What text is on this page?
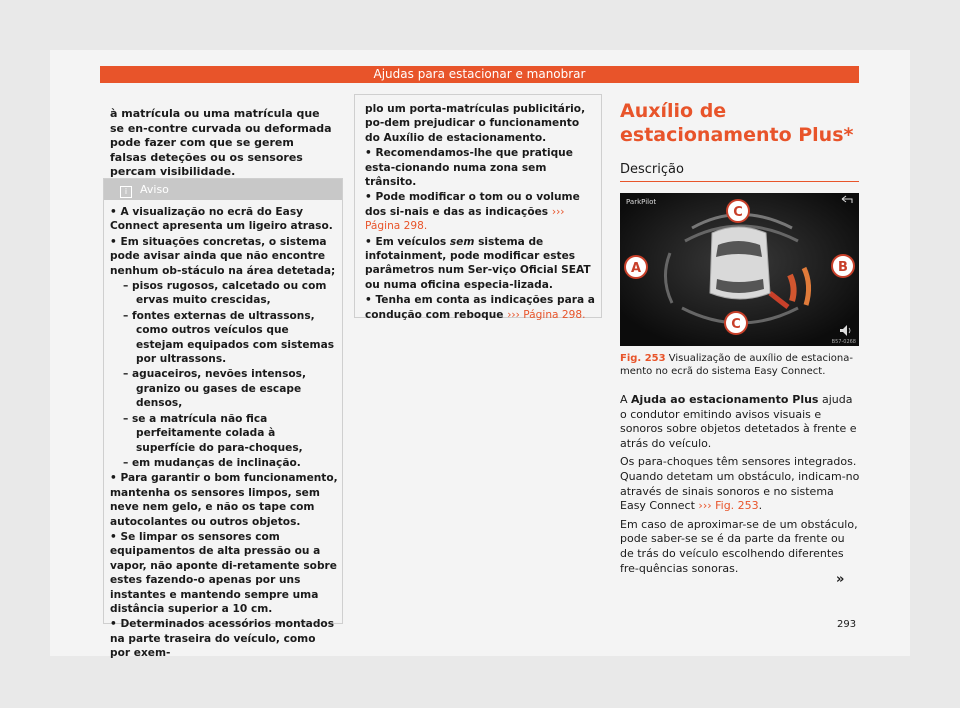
Ajudas para estacionar e manobrar

à matrícula ou uma matrícula que se en-contre curvada ou deformada pode fazer com que se gerem falsas deteções ou os sensores percam visibilidade.

i Aviso

• A visualização no ecrã do Easy Connect apresenta um ligeiro atraso.

• Em situações concretas, o sistema pode avisar ainda que não encontre nenhum ob-stáculo na área detetada;

– pisos rugosos, calcetado ou com ervas muito crescidas,

– fontes externas de ultrassons, como outros veículos que estejam equipados com sistemas por ultrassons.

– aguaceiros, nevões intensos, granizo ou gases de escape densos,

– se a matrícula não fica perfeitamente colada à superfície do para-choques,

– em mudanças de inclinação.

• Para garantir o bom funcionamento, mantenha os sensores limpos, sem neve nem gelo, e não os tape com autocolantes ou outros objetos.

• Se limpar os sensores com equipamentos de alta pressão ou a vapor, não aponte di-retamente sobre estes fazendo-o apenas por uns instantes e mantendo sempre uma distância superior a 10 cm.

• Determinados acessórios montados na parte traseira do veículo, como por exem-

plo um porta-matrículas publicitário, po-dem prejudicar o funcionamento do Auxílio de estacionamento.

• Recomendamos-lhe que pratique esta-cionando numa zona sem trânsito.

• Pode modificar o tom ou o volume dos si-nais e das as indicações ››› Página 298.

• Em veículos sem sistema de infotainment, pode modificar estes parâmetros num Ser-viço Oficial SEAT ou numa oficina especia-lizada.

• Tenha em conta as indicações para a condução com reboque ››› Página 298.

Auxílio de estacionamento Plus*
Descrição
ParkPilot
C
A	B
C
B57-0268
Fig. 253 Visualização de auxílio de estaciona-mento no ecrã do sistema Easy Connect.

A Ajuda ao estacionamento Plus ajuda o condutor emitindo avisos visuais e sonoros sobre objetos detetados à frente e atrás do veículo.

Os para-choques têm sensores integrados. Quando detetam um obstáculo, indicam-no através de sinais sonoros e no sistema Easy Connect ››› Fig. 253.

Em caso de aproximar-se de um obstáculo, pode saber-se se é da parte da frente ou de trás do veículo escolhendo diferentes fre-quências sonoras.

»
293
